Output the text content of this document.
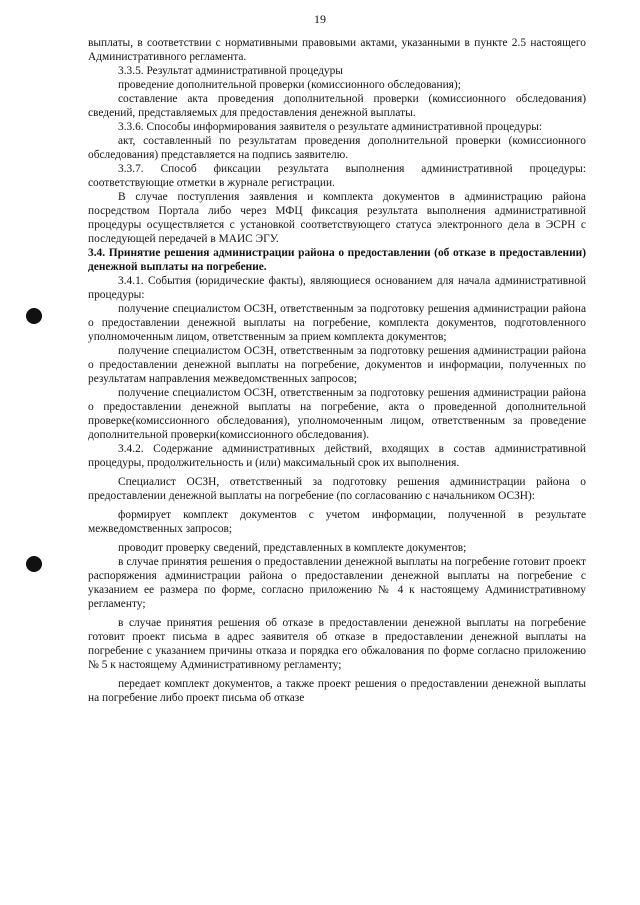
19

выплаты, в соответствии с нормативными правовыми актами, указанными в пункте 2.5 настоящего Административного регламента.

3.3.5. Результат административной процедуры

проведение дополнительной проверки (комиссионного обследования);

составление акта проведения дополнительной проверки (комиссионного обследования) сведений, представляемых для предоставления денежной выплаты.

3.3.6. Способы информирования заявителя о результате административной процедуры:

акт, составленный по результатам проведения дополнительной проверки (комиссионного обследования) представляется на подпись заявителю.

3.3.7. Способ фиксации результата выполнения административной процедуры: соответствующие отметки в журнале регистрации.

В случае поступления заявления и комплекта документов в администрацию района посредством Портала либо через МФЦ фиксация результата выполнения административной процедуры осуществляется с установкой соответствующего статуса электронного дела в ЭСРН с последующей передачей в МАИС ЭГУ.

3.4. Принятие решения администрации района о предоставлении (об отказе в предоставлении) денежной выплаты на погребение.

3.4.1. События (юридические факты), являющиеся основанием для начала административной процедуры:

получение специалистом ОСЗН, ответственным за подготовку решения администрации района о предоставлении денежной выплаты на погребение, комплекта документов, подготовленного уполномоченным лицом, ответственным за прием комплекта документов;

получение специалистом ОСЗН, ответственным за подготовку решения администрации района о предоставлении денежной выплаты на погребение, документов и информации, полученных по результатам направления межведомственных запросов;

получение специалистом ОСЗН, ответственным за подготовку решения администрации района о предоставлении денежной выплаты на погребение, акта о проведенной дополнительной проверке(комиссионного обследования), уполномоченным лицом, ответственным за проведение дополнительной проверки(комиссионного обследования).

3.4.2. Содержание административных действий, входящих в состав административной процедуры, продолжительность и (или) максимальный срок их выполнения.

Специалист ОСЗН, ответственный за подготовку решения администрации района о предоставлении денежной выплаты на погребение (по согласованию с начальником ОСЗН):

формирует комплект документов с учетом информации, полученной в результате межведомственных запросов;

проводит проверку сведений, представленных в комплекте документов;

в случае принятия решения о предоставлении денежной выплаты на погребение готовит проект распоряжения администрации района о предоставлении денежной выплаты на погребение с указанием ее размера по форме, согласно приложению № 4 к настоящему Административному регламенту;

в случае принятия решения об отказе в предоставлении денежной выплаты на погребение готовит проект письма в адрес заявителя об отказе в предоставлении денежной выплаты на погребение с указанием причины отказа и порядка его обжалования по форме согласно приложению № 5 к настоящему Административному регламенту;

передает комплект документов, а также проект решения о предоставлении денежной выплаты на погребение либо проект письма об отказе
